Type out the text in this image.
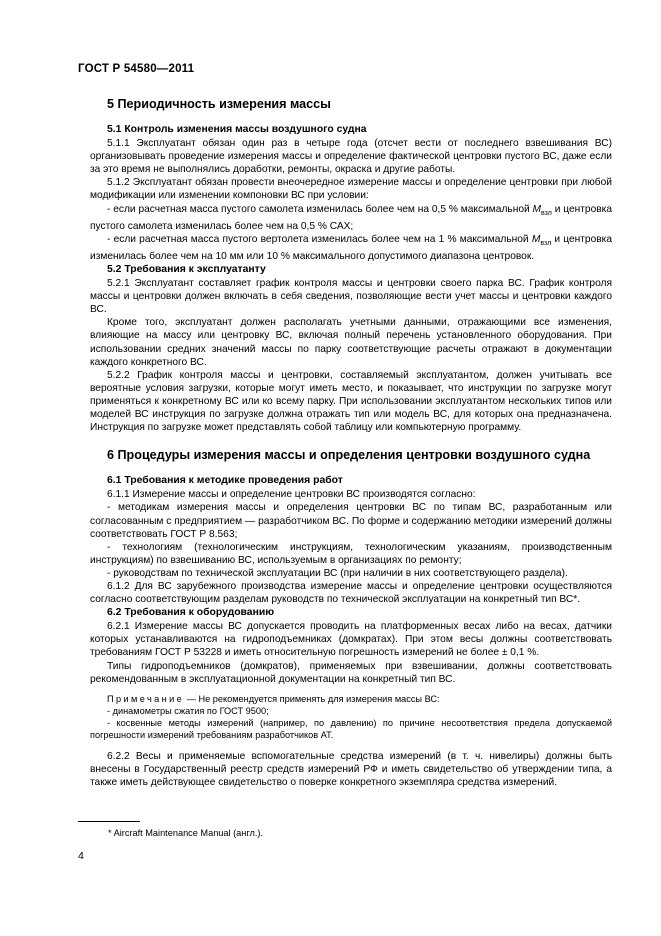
ГОСТ Р 54580—2011
5 Периодичность измерения массы
5.1 Контроль изменения массы воздушного судна

5.1.1 Эксплуатант обязан один раз в четыре года (отсчет вести от последнего взвешивания ВС) организовывать проведение измерения массы и определение фактической центровки пустого ВС, даже если за это время не выполнялись доработки, ремонты, окраска и другие работы.

5.1.2 Эксплуатант обязан провести внеочередное измерение массы и определение центровки при любой модификации или изменении компоновки ВС при условии:

- если расчетная масса пустого самолета изменилась более чем на 0,5 % максимальной $M_{взл}$ и центровка пустого самолета изменилась более чем на 0,5 % САХ;

- если расчетная масса пустого вертолета изменилась более чем на 1 % максимальной $M_{взл}$ и центровка изменилась более чем на 10 мм или 10 % максимального допустимого диапазона центровок.

5.2 Требования к эксплуатанту

5.2.1 Эксплуатант составляет график контроля массы и центровки своего парка ВС. График контроля массы и центровки должен включать в себя сведения, позволяющие вести учет массы и центровки каждого ВС.

Кроме того, эксплуатант должен располагать учетными данными, отражающими все изменения, влияющие на массу или центровку ВС, включая полный перечень установленного оборудования. При использовании средних значений массы по парку соответствующие расчеты отражают в документации каждого конкретного ВС.

5.2.2 График контроля массы и центровки, составляемый эксплуатантом, должен учитывать все вероятные условия загрузки, которые могут иметь место, и показывает, что инструкции по загрузке могут применяться к конкретному ВС или ко всему парку. При использовании эксплуатантом нескольких типов или моделей ВС инструкция по загрузке должна отражать тип или модель ВС, для которых она предназначена. Инструкция по загрузке может представлять собой таблицу или компьютерную программу.

6 Процедуры измерения массы и определения центровки воздушного судна
6.1 Требования к методике проведения работ

6.1.1 Измерение массы и определение центровки ВС производятся согласно:

- методикам измерения массы и определения центровки ВС по типам ВС, разработанным или согласованным с предприятием — разработчиком ВС. По форме и содержанию методики измерений должны соответствовать ГОСТ Р 8.563;

- технологиям (технологическим инструкциям, технологическим указаниям, производственным инструкциям) по взвешиванию ВС, используемым в организациях по ремонту;

- руководствам по технической эксплуатации ВС (при наличии в них соответствующего раздела).

6.1.2 Для ВС зарубежного производства измерение массы и определение центровки осуществляются согласно соответствующим разделам руководств по технической эксплуатации на конкретный тип ВС*.

6.2 Требования к оборудованию

6.2.1 Измерение массы ВС допускается проводить на платформенных весах либо на весах, датчики которых устанавливаются на гидроподъемниках (домкратах). При этом весы должны соответствовать требованиям ГОСТ Р 53228 и иметь относительную погрешность измерений не более ± 0,1 %.

Типы гидроподъемников (домкратов), применяемых при взвешивании, должны соответствовать рекомендованным в эксплуатационной документации на конкретный тип ВС.

Примечание — Не рекомендуется применять для измерения массы ВС:

- динамометры сжатия по ГОСТ 9500;

- косвенные методы измерений (например, по давлению) по причине несоответствия предела допускаемой погрешности измерений требованиям разработчиков АТ.

6.2.2 Весы и применяемые вспомогательные средства измерений (в т. ч. нивелиры) должны быть внесены в Государственный реестр средств измерений РФ и иметь свидетельство об утверждении типа, а также иметь действующее свидетельство о поверке конкретного экземпляра средства измерений.

* Aircraft Maintenance Manual (англ.).
4
